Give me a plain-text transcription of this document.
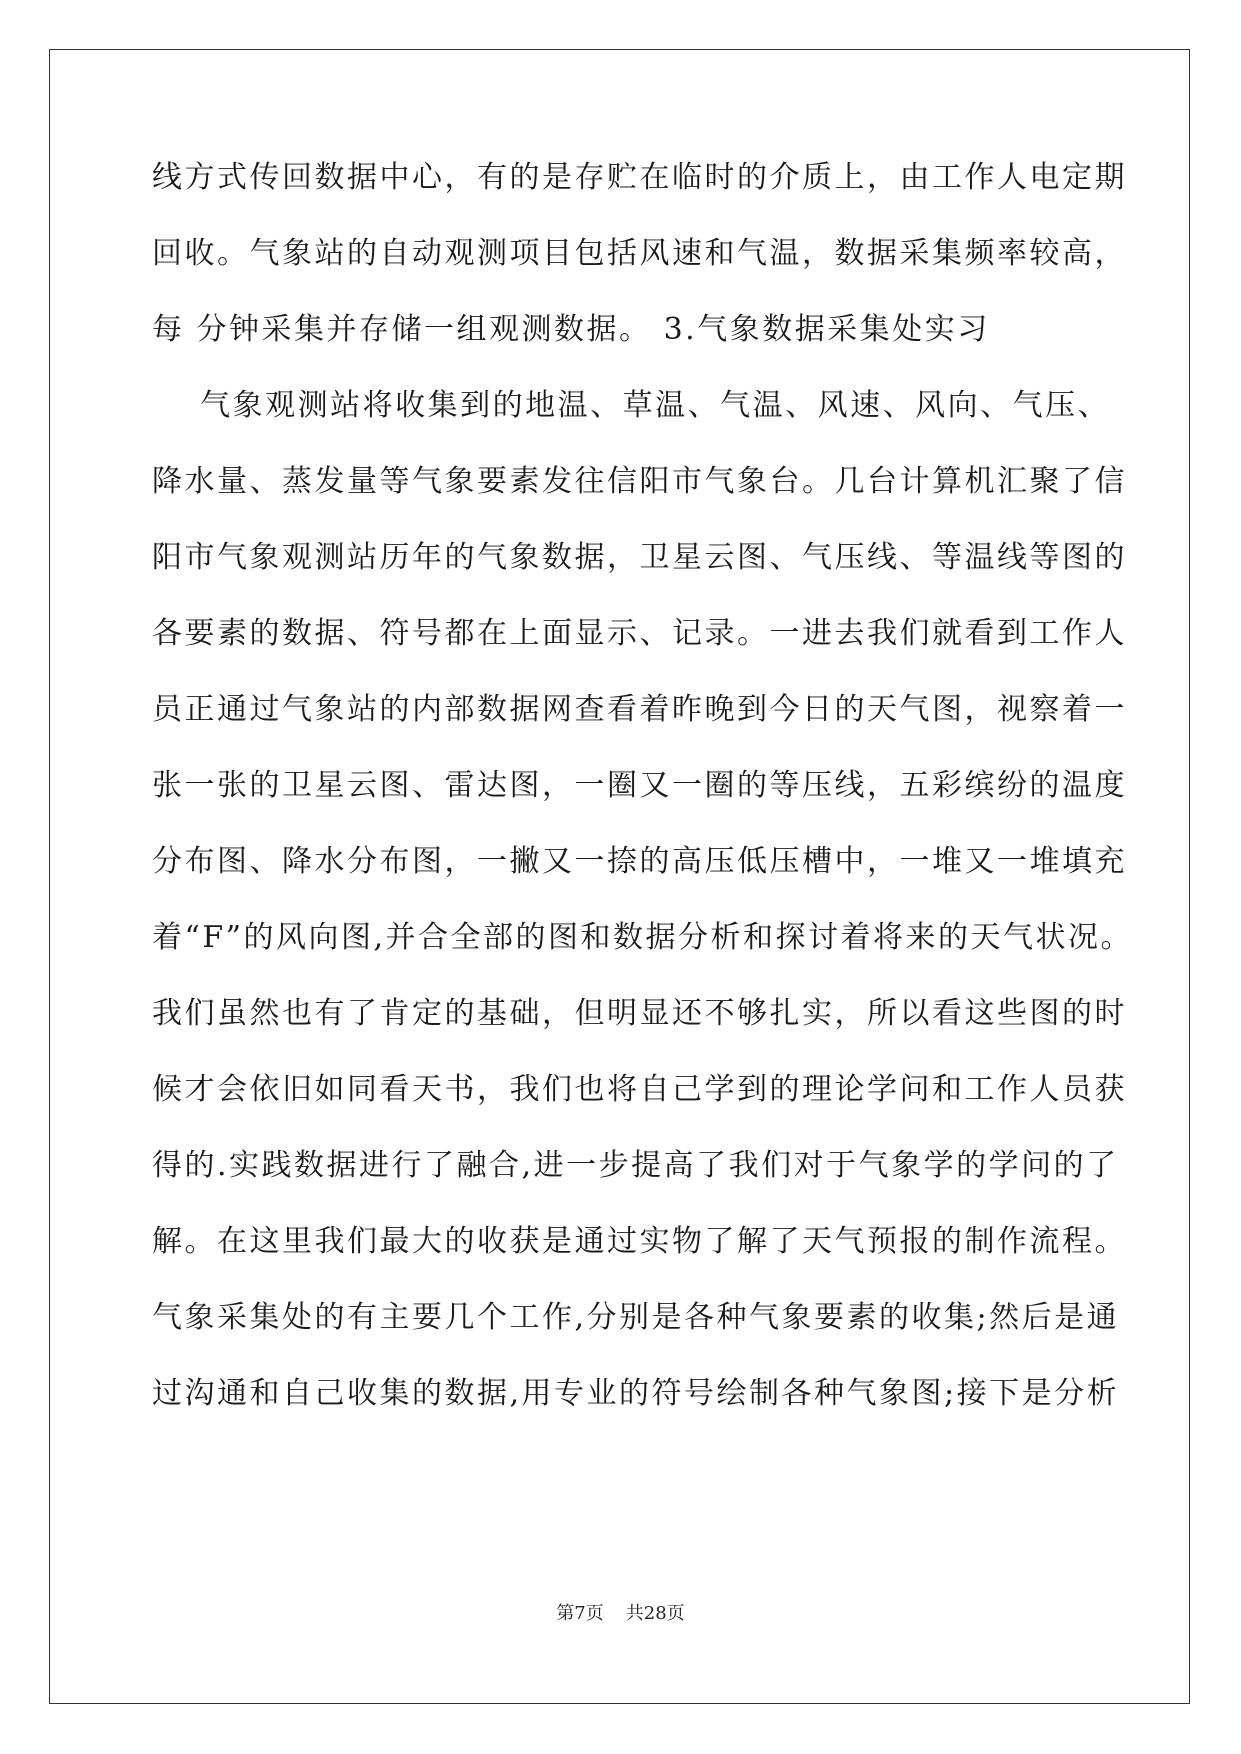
线方式传回数据中心，有的是存贮在临时的介质上，由工作人电定期
回收。气象站的自动观测项目包括风速和气温，数据采集频率较高，
每 分钟采集并存储一组观测数据。 3.气象数据采集处实习
气象观测站将收集到的地温、草温、气温、风速、风向、气压、
降水量、蒸发量等气象要素发往信阳市气象台。几台计算机汇聚了信
阳市气象观测站历年的气象数据，卫星云图、气压线、等温线等图的
各要素的数据、符号都在上面显示、记录。一进去我们就看到工作人
员正通过气象站的内部数据网查看着昨晚到今日的天气图，视察着一
张一张的卫星云图、雷达图，一圈又一圈的等压线，五彩缤纷的温度
分布图、降水分布图，一撇又一捺的高压低压槽中，一堆又一堆填充
着“F”的风向图,并合全部的图和数据分析和探讨着将来的天气状况。
我们虽然也有了肯定的基础，但明显还不够扎实，所以看这些图的时
候才会依旧如同看天书，我们也将自己学到的理论学问和工作人员获
得的.实践数据进行了融合,进一步提高了我们对于气象学的学问的了
解。在这里我们最大的收获是通过实物了解了天气预报的制作流程。
气象采集处的有主要几个工作,分别是各种气象要素的收集;然后是通
过沟通和自己收集的数据,用专业的符号绘制各种气象图;接下是分析
第7页 共28页
